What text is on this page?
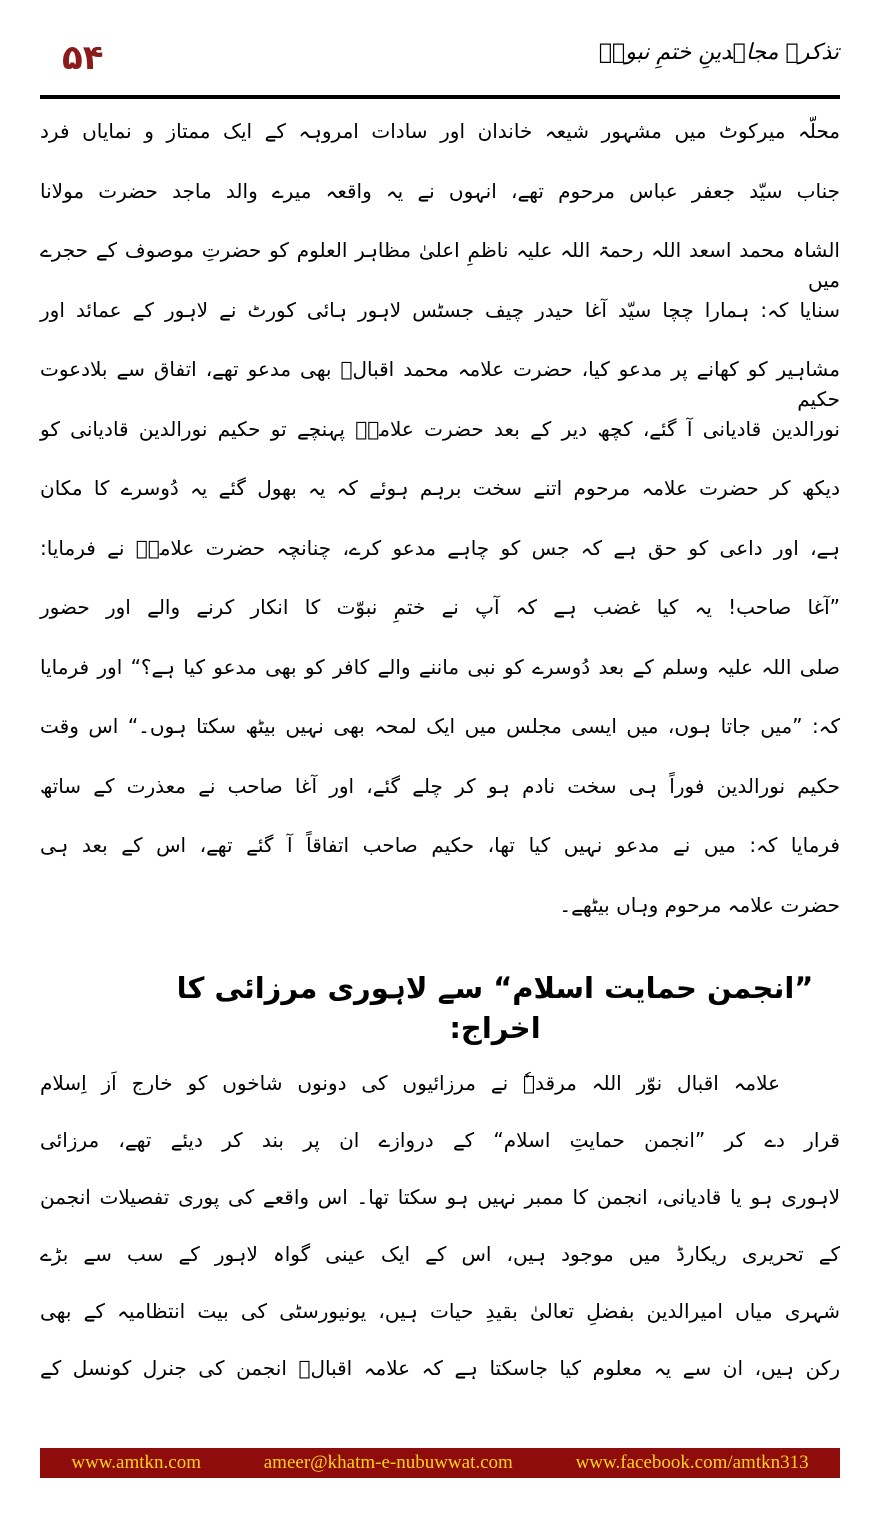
۵۴	تذکرۂ مجاہدینِ ختمِ نبوتؐ
محلّہ میرکوٹ میں مشہور شیعہ خاندان اور سادات امروہہ کے ایک ممتاز و نمایاں فرد
جناب سیّد جعفر عباس مرحوم تھے، انہوں نے یہ واقعہ میرے والد ماجد حضرت مولانا
الشاہ محمد اسعد اللہ رحمۃ اللہ علیہ ناظمِ اعلیٰ مظاہر العلوم کو حضرتِ موصوف کے حجرے میں
سنایا کہ: ہمارا چچا سیّد آغا حیدر چیف جسٹس لاہور ہائی کورٹ نے لاہور کے عمائد اور
مشاہیر کو کھانے پر مدعو کیا، حضرت علامہ محمد اقبالؒ بھی مدعو تھے، اتفاق سے بلادعوت حکیم
نورالدین قادیانی آ گئے، کچھ دیر کے بعد حضرت علامہؒ پہنچے تو حکیم نورالدین قادیانی کو
دیکھ کر حضرت علامہ مرحوم اتنے سخت برہم ہوئے کہ یہ بھول گئے یہ دُوسرے کا مکان
ہے، اور داعی کو حق ہے کہ جس کو چاہے مدعو کرے، چنانچہ حضرت علامہؒ نے فرمایا:
”آغا صاحب! یہ کیا غضب ہے کہ آپ نے ختمِ نبوّت کا انکار کرنے والے اور حضور
صلی اللہ علیہ وسلم کے بعد دُوسرے کو نبی ماننے والے کافر کو بھی مدعو کیا ہے؟“ اور فرمایا
کہ: ”میں جاتا ہوں، میں ایسی مجلس میں ایک لمحہ بھی نہیں بیٹھ سکتا ہوں۔“ اس وقت
حکیم نورالدین فوراً ہی سخت نادم ہو کر چلے گئے، اور آغا صاحب نے معذرت کے ساتھ
فرمایا کہ: میں نے مدعو نہیں کیا تھا، حکیم صاحب اتفاقاً آ گئے تھے، اس کے بعد ہی
حضرت علامہ مرحوم وہاں بیٹھے۔
”انجمن حمایت اسلام“ سے لاہوری مرزائی کا اخراج:
علامہ اقبال نوّر اللہ مرقدہٗ نے مرزائیوں کی دونوں شاخوں کو خارج اَز اِسلام
قرار دے کر ”انجمن حمایتِ اسلام“ کے دروازے ان پر بند کر دیئے تھے، مرزائی
لاہوری ہو یا قادیانی، انجمن کا ممبر نہیں ہو سکتا تھا۔ اس واقعے کی پوری تفصیلات انجمن
کے تحریری ریکارڈ میں موجود ہیں، اس کے ایک عینی گواہ لاہور کے سب سے بڑے
شہری میاں امیرالدین بفضلِ تعالیٰ بقیدِ حیات ہیں، یونیورسٹی کی بیت انتظامیہ کے بھی
رکن ہیں، ان سے یہ معلوم کیا جاسکتا ہے کہ علامہ اقبالؒ انجمن کی جنرل کونسل کے
www.amtkn.com	ameer@khatm-e-nubuwwat.com	www.facebook.com/amtkn313
